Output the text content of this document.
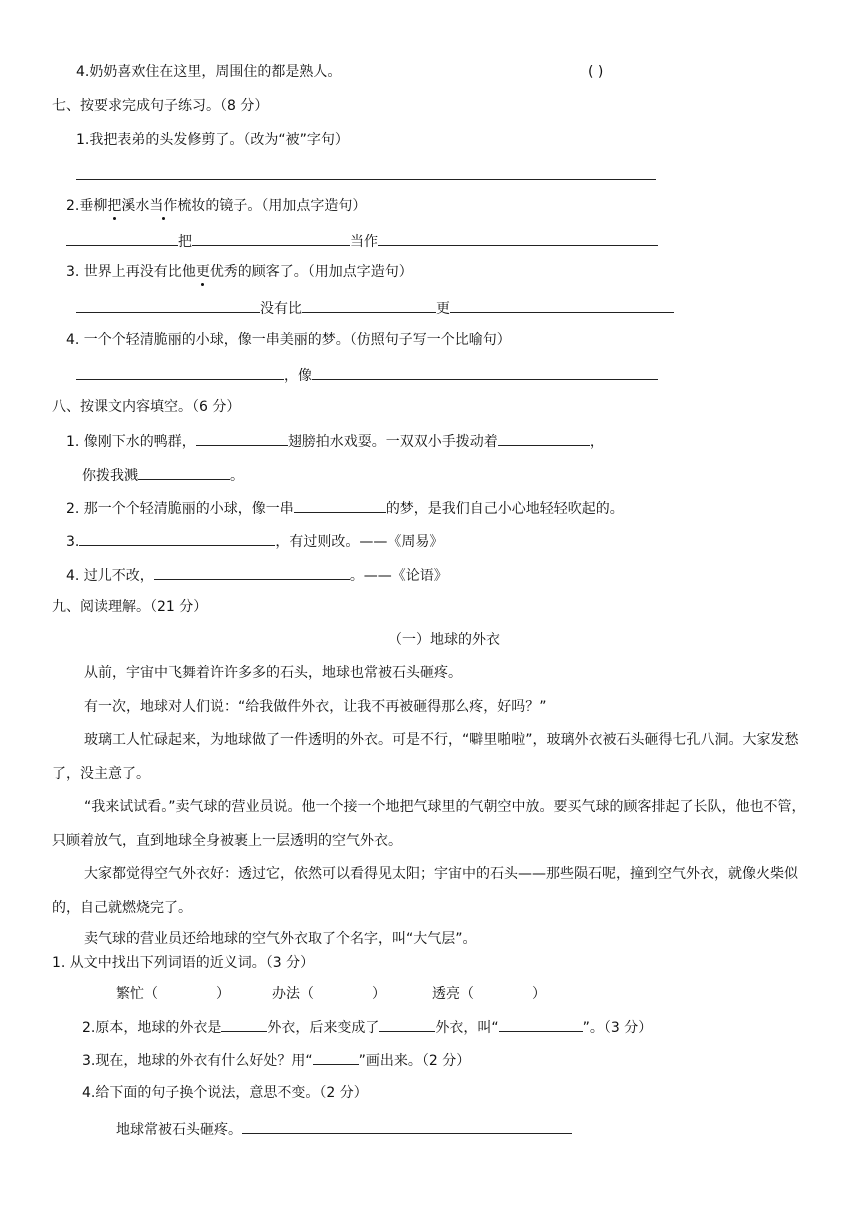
4.奶奶喜欢住在这里，周围住的都是熟人。	( )
七、按要求完成句子练习。（8 分）
1.我把表弟的头发修剪了。（改为“被”字句）
2.垂柳把溪水当作梳妆的镜子。（用加点字造句）
把	当作
3. 世界上再没有比他更优秀的顾客了。（用加点字造句）
没有比	更
4. 一个个轻清脆丽的小球，像一串美丽的梦。（仿照句子写一个比喻句）
，像
八、按课文内容填空。（6 分）
1. 像刚下水的鸭群，	翅膀拍水戏耍。一双双小手拨动着	，
你拨我溅	。
2. 那一个个轻清脆丽的小球，像一串	的梦，是我们自己小心地轻轻吹起的。
3.	，有过则改。——《周易》
4. 过儿不改，	。——《论语》
九、阅读理解。（21 分）
（一）地球的外衣
从前，宇宙中飞舞着许许多多的石头，地球也常被石头砸疼。
有一次，地球对人们说：“给我做件外衣，让我不再被砸得那么疼，好吗？”
玻璃工人忙碌起来，为地球做了一件透明的外衣。可是不行，“噼里啪啦”，玻璃外衣被石头砸得七孔八洞。大家发愁了，没主意了。
“我来试试看。”卖气球的营业员说。他一个接一个地把气球里的气朝空中放。要买气球的顾客排起了长队，他也不管，只顾着放气，直到地球全身被裹上一层透明的空气外衣。
大家都觉得空气外衣好：透过它，依然可以看得见太阳；宇宙中的石头——那些陨石呢，撞到空气外衣，就像火柴似的，自己就燃烧完了。
卖气球的营业员还给地球的空气外衣取了个名字，叫“大气层”。
1. 从文中找出下列词语的近义词。（3 分）
繁忙（	）	办法（	）	透亮（	）
2.原本，地球的外衣是	外衣，后来变成了	外衣，叫“	”。（3 分）
3.现在，地球的外衣有什么好处？用“	”画出来。（2 分）
4.给下面的句子换个说法，意思不变。（2 分）
地球常被石头砸疼。
